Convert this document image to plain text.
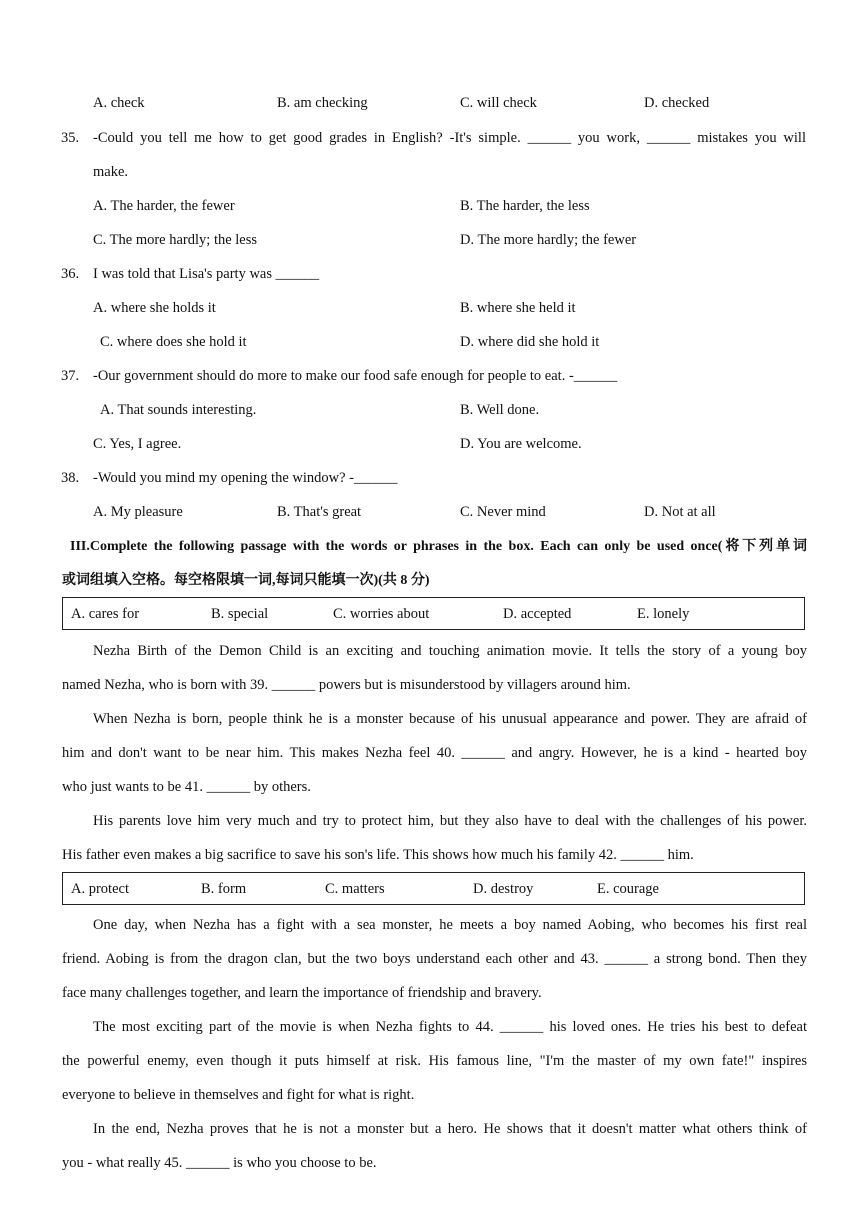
A. check	B. am checking	C. will check	D. checked
35. -Could you tell me how to get good grades in English? -It's simple. ______ you work, ______ mistakes you will
make.
A. The harder, the fewer	B. The harder, the less
C. The more hardly; the less	D. The more hardly; the fewer
36. I was told that Lisa's party was ______
A. where she holds it	B. where she held it
C. where does she hold it	D. where did she hold it
37. -Our government should do more to make our food safe enough for people to eat. -______
A. That sounds interesting.	B. Well done.
C. Yes, I agree.	D. You are welcome.
38. -Would you mind my opening the window? -______
A. My pleasure	B. That's great	C. Never mind	D. Not at all
III.Complete the following passage with the words or phrases in the box. Each can only be used once(将下列单词
或词组填入空格。每空格限填一词,每词只能填一次)(共 8 分)
A. cares for	B. special	C. worries about	D. accepted	E. lonely
Nezha Birth of the Demon Child is an exciting and touching animation movie. It tells the story of a young boy
named Nezha, who is born with 39. ______ powers but is misunderstood by villagers around him.
When Nezha is born, people think he is a monster because of his unusual appearance and power. They are afraid of
him and don't want to be near him. This makes Nezha feel 40. ______ and angry. However, he is a kind - hearted boy
who just wants to be 41. ______ by others.
His parents love him very much and try to protect him, but they also have to deal with the challenges of his power.
His father even makes a big sacrifice to save his son's life. This shows how much his family 42. ______ him.
A. protect	B. form	C. matters	D. destroy	E. courage
One day, when Nezha has a fight with a sea monster, he meets a boy named Aobing, who becomes his first real
friend. Aobing is from the dragon clan, but the two boys understand each other and 43. ______ a strong bond. Then they
face many challenges together, and learn the importance of friendship and bravery.
The most exciting part of the movie is when Nezha fights to 44. ______ his loved ones. He tries his best to defeat
the powerful enemy, even though it puts himself at risk. His famous line, "I'm the master of my own fate!" inspires
everyone to believe in themselves and fight for what is right.
In the end, Nezha proves that he is not a monster but a hero. He shows that it doesn't matter what others think of
you - what really 45. ______ is who you choose to be.
